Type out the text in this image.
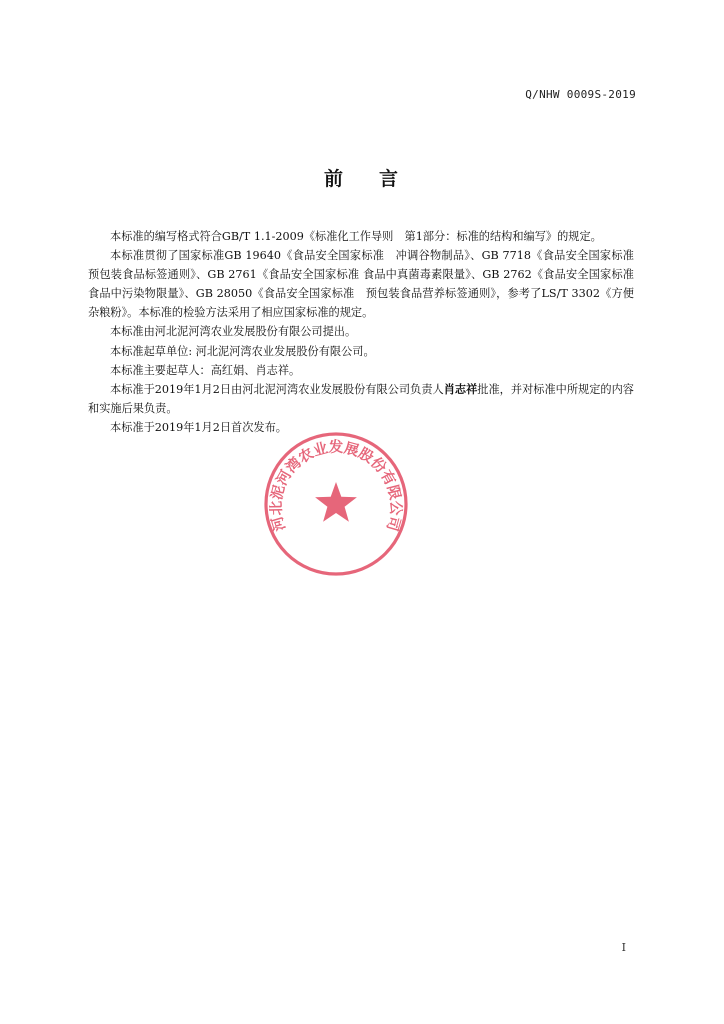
Q/NHW 0009S-2019
前 言

本标准的编写格式符合GB/T 1.1-2009《标准化工作导则　第1部分：标准的结构和编写》的规定。

本标准贯彻了国家标准GB 19640《食品安全国家标准　冲调谷物制品》、GB 7718《食品安全国家标准　预包装食品标签通则》、GB 2761《食品安全国家标准 食品中真菌毒素限量》、GB 2762《食品安全国家标准 食品中污染物限量》、GB 28050《食品安全国家标准　预包装食品营养标签通则》，参考了LS/T 3302《方便杂粮粉》。本标准的检验方法采用了相应国家标准的规定。

本标准由河北泥河湾农业发展股份有限公司提出。

本标准起草单位: 河北泥河湾农业发展股份有限公司。

本标准主要起草人：高红娟、肖志祥。

本标准于2019年1月2日由河北泥河湾农业发展股份有限公司负责人肖志祥批准，并对标准中所规定的内容和实施后果负责。

本标准于2019年1月2日首次发布。

河北泥河湾农业发展股份有限公司
I
